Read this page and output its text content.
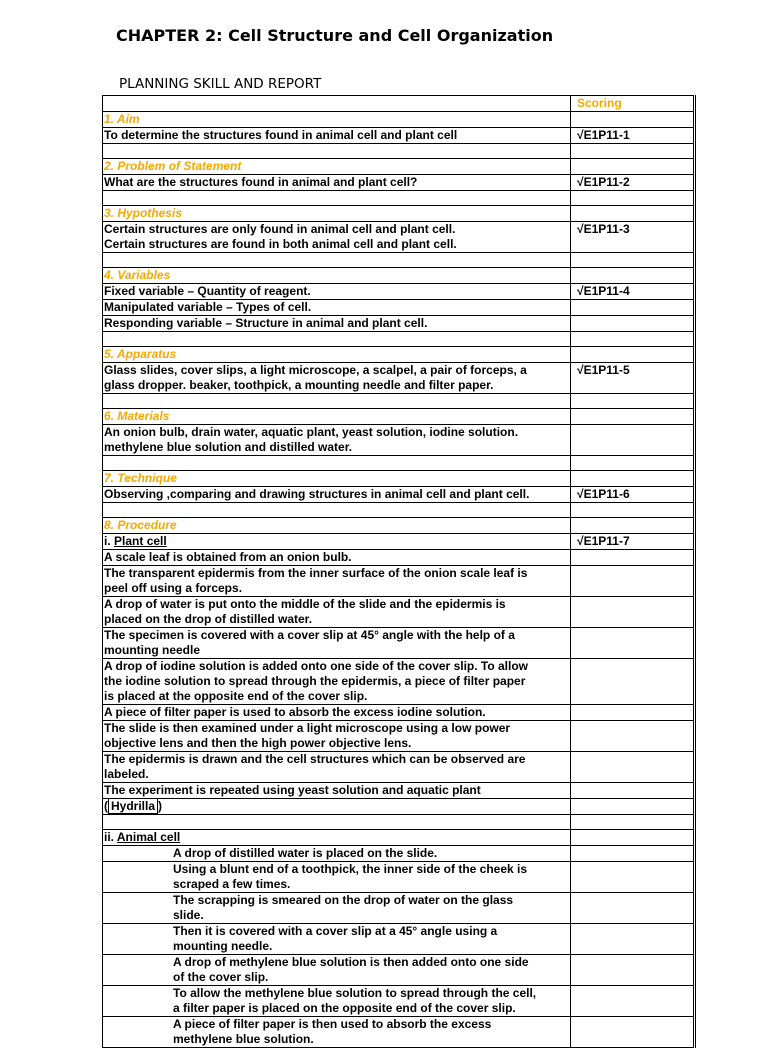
CHAPTER 2: Cell Structure and Cell Organization
PLANNING SKILL AND REPORT
	Scoring
1. Aim	
To determine the structures found in animal cell and plant cell	√E1P11-1

2. Problem of Statement	
What are the structures found in animal and plant cell?	√E1P11-2

3. Hypothesis	

Certain structures are only found in animal cell and plant cell.
Certain structures are found in both animal cell and plant cell.	√E1P11-3

4. Variables	
Fixed variable – Quantity of reagent.	√E1P11-4
Manipulated variable – Types of cell.	
Responding variable – Structure in animal and plant cell.	

5. Apparatus	

Glass slides, cover slips, a light microscope, a scalpel, a pair of forceps, a
glass dropper. beaker, toothpick, a mounting needle and filter paper.	√E1P11-5

6. Materials	

An onion bulb, drain water, aquatic plant, yeast solution, iodine solution.
methylene blue solution and distilled water.	

7. Technique	
Observing ,comparing and drawing structures in animal cell and plant cell.	√E1P11-6

8. Procedure	
i. Plant cell	√E1P11-7

A scale leaf is obtained from an onion bulb.	

The transparent epidermis from the inner surface of the onion scale leaf is
peel off using a forceps.	

A drop of water is put onto the middle of the slide and the epidermis is
placed on the drop of distilled water.	

The specimen is covered with a cover slip at 45° angle with the help of a
mounting needle	

A drop of iodine solution is added onto one side of the cover slip. To allow
the iodine solution to spread through the epidermis, a piece of filter paper
is placed at the opposite end of the cover slip.	

A piece of filter paper is used to absorb the excess iodine solution.	

The slide is then examined under a light microscope using a low power
objective lens and then the high power objective lens.	

The epidermis is drawn and the cell structures which can be observed are
labeled.	

The experiment is repeated using yeast solution and aquatic plant	

( Hydrilla )	

ii. Animal cell	

A drop of distilled water is placed on the slide.	

Using a blunt end of a toothpick, the inner side of the cheek is
scraped a few times.	

The scrapping is smeared on the drop of water on the glass
slide.	

Then it is covered with a cover slip at a 45° angle using a
mounting needle.	

A drop of methylene blue solution is then added onto one side
of the cover slip.	

To allow the methylene blue solution to spread through the cell,
a filter paper is placed on the opposite end of the cover slip.	

A piece of filter paper is then used to absorb the excess
methylene blue solution.	
